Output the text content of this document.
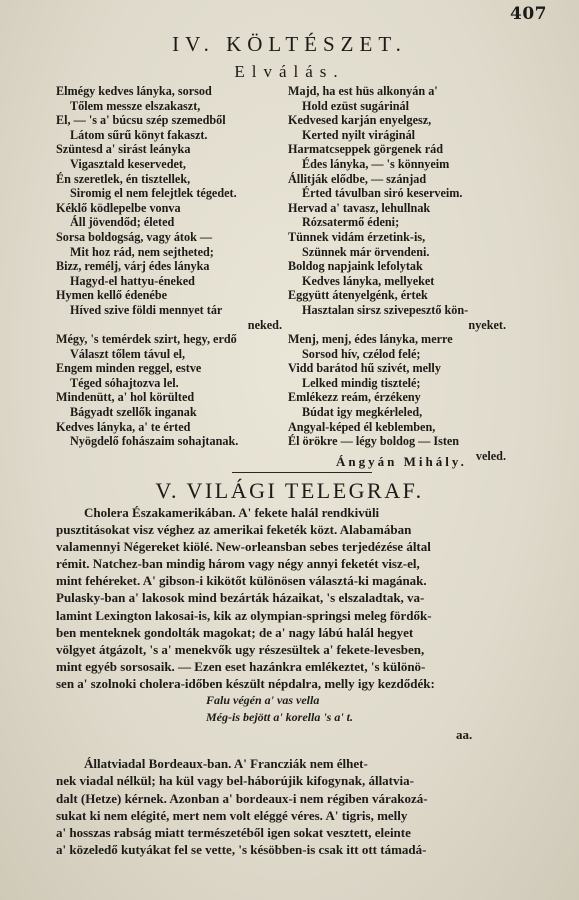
407
IV. KÖLTÉSZET.
Elválás.
Elmégy kedves lányka, sorsod
Tőlem messze elszakaszt,
El, — 's a' búcsu szép szemedből
Látom sűrű könyt fakaszt.
Szüntesd a' sirást leányka
Vigasztald keservedet,
Én szeretlek, én tisztellek,
Siromig el nem felejtlek tégedet.
Kéklő ködlepelbe vonva
Áll jövendőd; életed
Sorsa boldogság, vagy átok —
Mit hoz rád, nem sejtheted;
Bizz, remélj, várj édes lányka
Hagyd-el hattyu-éneked
Hymen kellő édenébe
Híved szive földi mennyet tár
neked.
Mégy, 's temérdek szirt, hegy, erdő
Választ tőlem távul el,
Engem minden reggel, estve
Téged sóhajtozva lel.
Mindenütt, a' hol körülted
Bágyadt szellők inganak
Kedves lányka, a' te érted
Nyögdelő fohászaim sohajtanak.
Majd, ha est hüs alkonyán a'
Hold ezüst sugárinál
Kedvesed karján enyelgesz,
Kerted nyilt viráginál
Harmatcseppek görgenek rád
Édes lányka, — 's könnyeim
Állitják elődbe, — szánjad
Érted távulban siró keserveim.
Hervad a' tavasz, lehullnak
Rózsatermő édeni;
Tünnek vidám érzetink-is,
Szünnek már örvendeni.
Boldog napjaink lefolytak
Kedves lányka, mellyeket
Eggyütt átenyelgénk, értek
Hasztalan sirsz szivepesztő kön-
nyeket.
Menj, menj, édes lányka, merre
Sorsod hív, czélod felé;
Vidd barátod hű szivét, melly
Lelked mindig tisztelé;
Emlékezz reám, érzékeny
Búdat igy megkérleled,
Angyal-képed él keblemben,
Él örökre — légy boldog — Isten
veled.
Ángyán Mihály.
V. VILÁGI TELEGRAF.
Cholera Északamerikában. A' fekete halál rendkivüli
pusztitásokat visz véghez az amerikai feketék közt. Alabamában
valamennyi Négereket kiölé. New-orleansban sebes terjedézése által
rémit. Natchez-ban mindig három vagy négy annyi feketét visz-el,
mint fehéreket. A' gibson-i kikötőt különösen választá-ki magának.
Pulasky-ban a' lakosok mind bezárták házaikat, 's elszaladtak, va-
lamint Lexington lakosai-is, kik az olympian-springsi meleg fördők-
ben menteknek gondolták magokat; de a' nagy lábú halál hegyet
völgyet átgázolt, 's a' menekvők ugy részesültek a' fekete-levesben,
mint egyéb sorsosaik. — Ezen eset hazánkra emlékeztet, 's különö-
sen a' szolnoki cholera-időben készült népdalra, melly igy kezdődék:
Falu végén a' vas vella
Még-is bejött a' korella 's a' t.
aa.
Állatviadal Bordeaux-ban. A' Francziák nem élhet-
nek viadal nélkül; ha kül vagy bel-háborújik kifogynak, állatvia-
dalt (Hetze) kérnek. Azonban a' bordeaux-i nem régiben várakozá-
sukat ki nem elégité, mert nem volt eléggé véres. A' tigris, melly
a' hosszas rabság miatt természetéből igen sokat vesztett, eleinte
a' közeledő kutyákat fel se vette, 's késöbben-is csak itt ott támadá-
